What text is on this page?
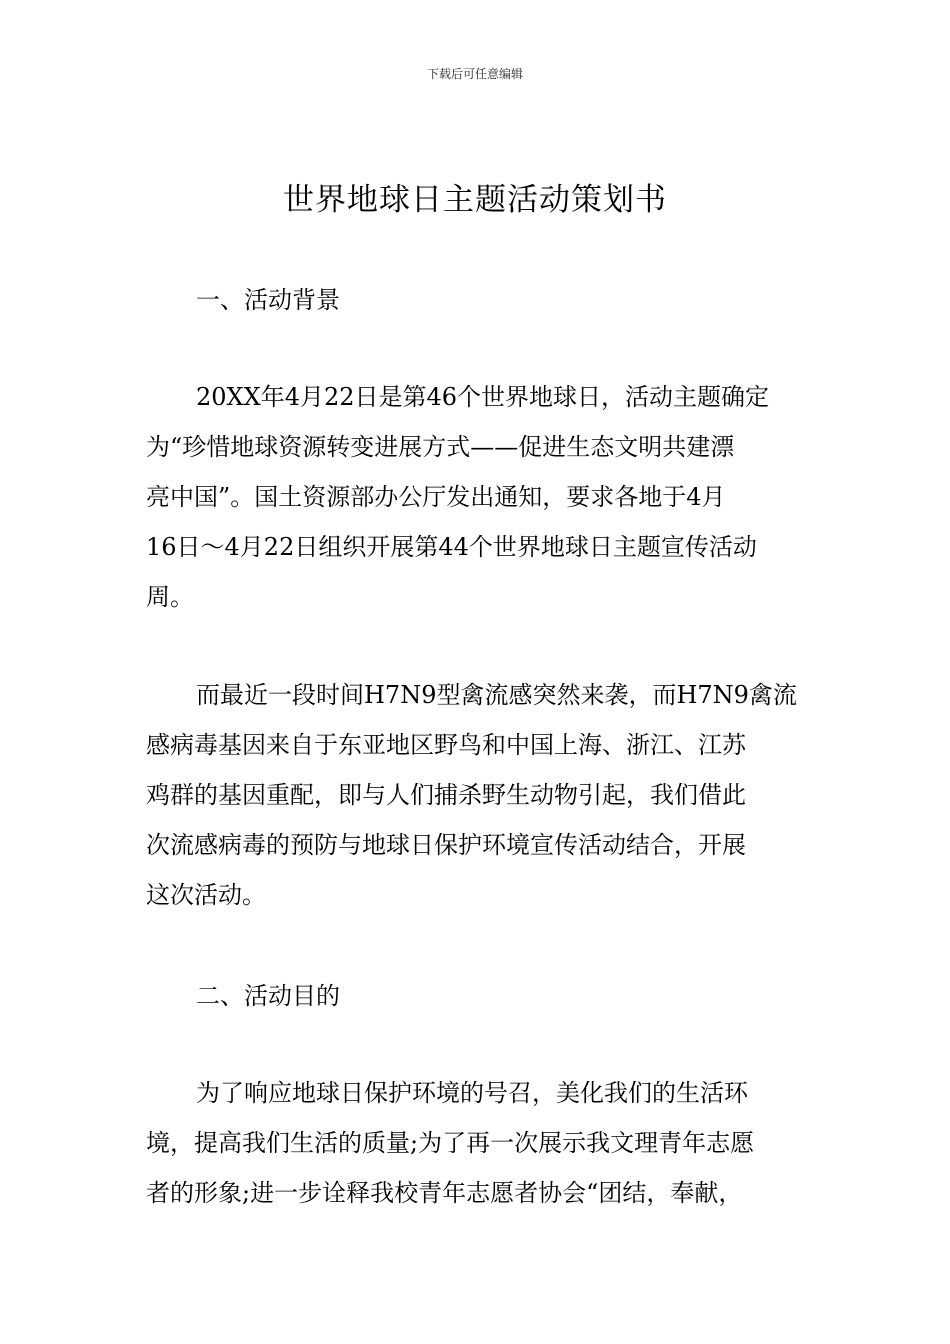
下载后可任意编辑
世界地球日主题活动策划书
一、活动背景
20XX年4月22日是第46个世界地球日，活动主题确定
为“珍惜地球资源转变进展方式——促进生态文明共建漂
亮中国”。国土资源部办公厅发出通知，要求各地于4月
16日～4月22日组织开展第44个世界地球日主题宣传活动
周。
而最近一段时间H7N9型禽流感突然来袭，而H7N9禽流
感病毒基因来自于东亚地区野鸟和中国上海、浙江、江苏
鸡群的基因重配，即与人们捕杀野生动物引起，我们借此
次流感病毒的预防与地球日保护环境宣传活动结合，开展
这次活动。
二、活动目的
为了响应地球日保护环境的号召，美化我们的生活环
境，提高我们生活的质量;为了再一次展示我文理青年志愿
者的形象;进一步诠释我校青年志愿者协会“团结，奉献，
